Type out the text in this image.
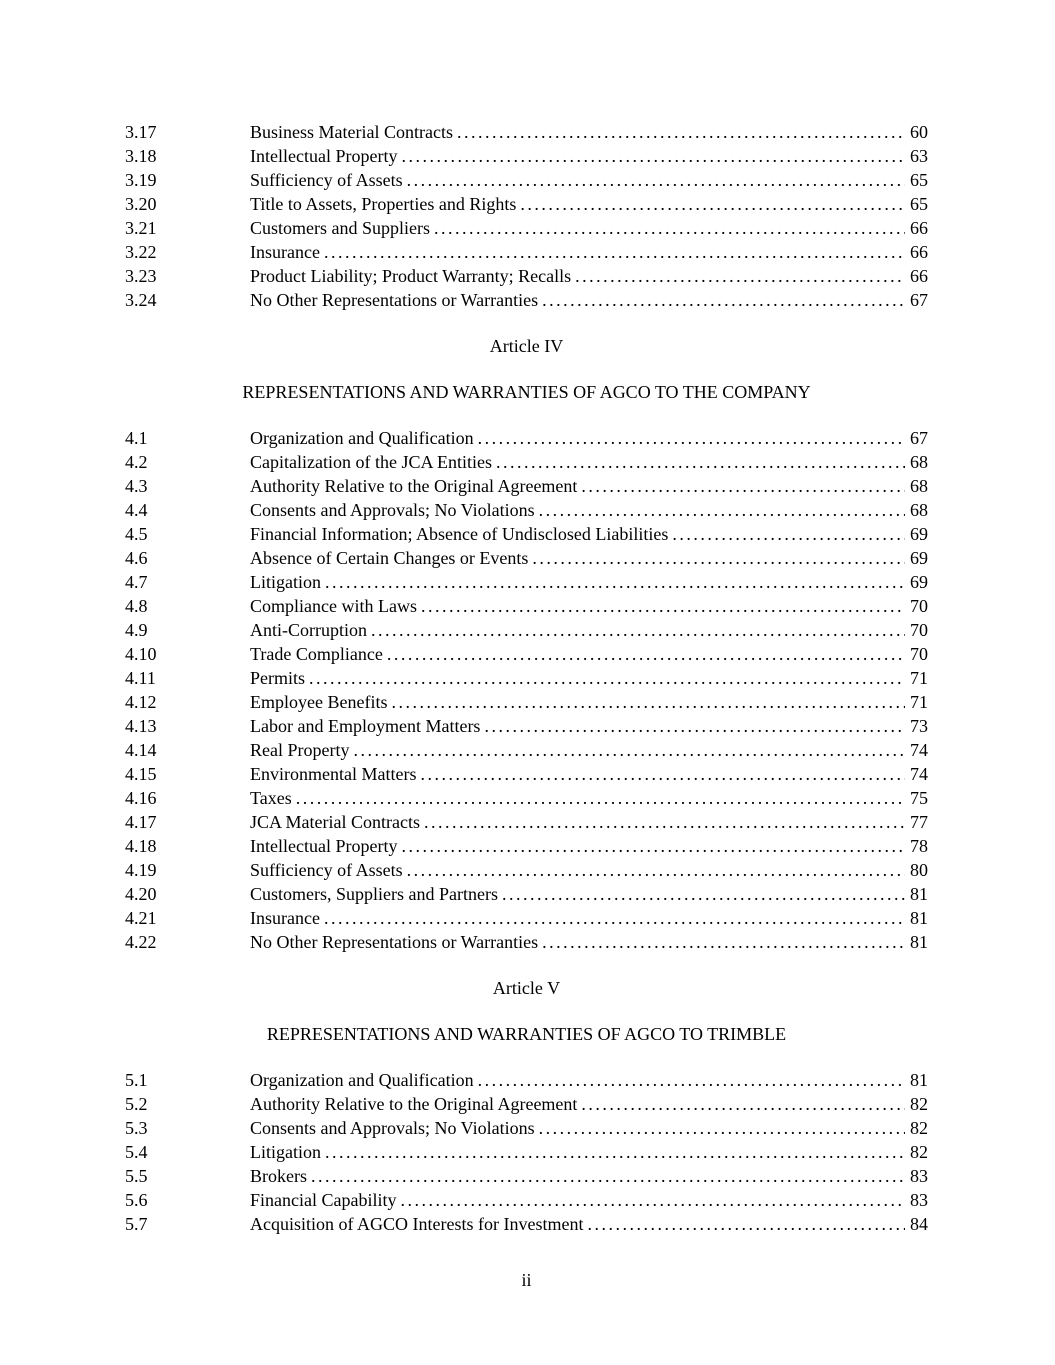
3.17	Business Material Contracts .....	60
3.18	Intellectual Property .....	63
3.19	Sufficiency of Assets .....	65
3.20	Title to Assets, Properties and Rights .....	65
3.21	Customers and Suppliers .....	66
3.22	Insurance .....	66
3.23	Product Liability; Product Warranty; Recalls .....	66
3.24	No Other Representations or Warranties .....	67
Article IV
REPRESENTATIONS AND WARRANTIES OF AGCO TO THE COMPANY
4.1	Organization and Qualification .....	67
4.2	Capitalization of the JCA Entities .....	68
4.3	Authority Relative to the Original Agreement .....	68
4.4	Consents and Approvals; No Violations .....	68
4.5	Financial Information; Absence of Undisclosed Liabilities .....	69
4.6	Absence of Certain Changes or Events .....	69
4.7	Litigation .....	69
4.8	Compliance with Laws .....	70
4.9	Anti-Corruption .....	70
4.10	Trade Compliance .....	70
4.11	Permits .....	71
4.12	Employee Benefits .....	71
4.13	Labor and Employment Matters .....	73
4.14	Real Property .....	74
4.15	Environmental Matters .....	74
4.16	Taxes .....	75
4.17	JCA Material Contracts .....	77
4.18	Intellectual Property .....	78
4.19	Sufficiency of Assets .....	80
4.20	Customers, Suppliers and Partners .....	81
4.21	Insurance .....	81
4.22	No Other Representations or Warranties .....	81
Article V
REPRESENTATIONS AND WARRANTIES OF AGCO TO TRIMBLE
5.1	Organization and Qualification .....	81
5.2	Authority Relative to the Original Agreement .....	82
5.3	Consents and Approvals; No Violations .....	82
5.4	Litigation .....	82
5.5	Brokers .....	83
5.6	Financial Capability .....	83
5.7	Acquisition of AGCO Interests for Investment .....	84
ii
